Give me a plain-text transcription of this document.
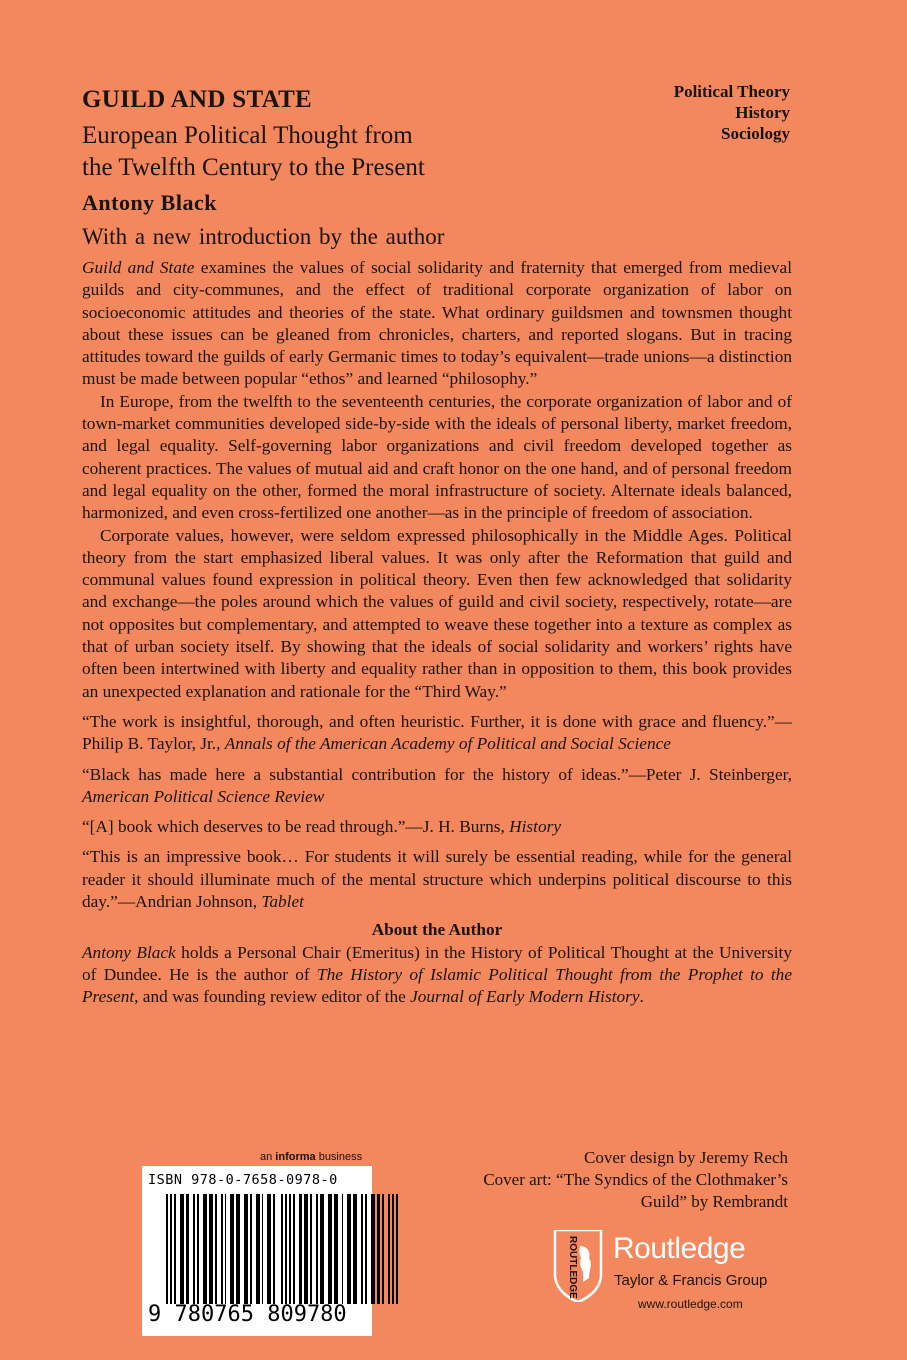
GUILD AND STATE
European Political Thought from
the Twelfth Century to the Present
Antony Black
With a new introduction by the author
Political Theory
History
Sociology

Guild and State examines the values of social solidarity and fraternity that emerged from medieval guilds and city-communes, and the effect of traditional corporate organization of labor on socioeconomic attitudes and theories of the state. What ordinary guildsmen and townsmen thought about these issues can be gleaned from chronicles, charters, and reported slogans. But in tracing attitudes toward the guilds of early Germanic times to today’s equivalent—trade unions—a distinction must be made between popular “ethos” and learned “philosophy.”

In Europe, from the twelfth to the seventeenth centuries, the corporate organization of labor and of town-market communities developed side-by-side with the ideals of personal liberty, market freedom, and legal equality. Self-governing labor organizations and civil freedom developed together as coherent practices. The values of mutual aid and craft honor on the one hand, and of personal freedom and legal equality on the other, formed the moral infrastructure of society. Alternate ideals balanced, harmonized, and even cross-fertilized one another—as in the principle of freedom of association.

Corporate values, however, were seldom expressed philosophically in the Middle Ages. Political theory from the start emphasized liberal values. It was only after the Reformation that guild and communal values found expression in political theory. Even then few acknowledged that solidarity and exchange—the poles around which the values of guild and civil society, respectively, rotate—are not opposites but complementary, and attempted to weave these together into a texture as complex as that of urban society itself. By showing that the ideals of social solidarity and workers’ rights have often been intertwined with liberty and equality rather than in opposition to them, this book provides an unexpected explanation and rationale for the “Third Way.”

“The work is insightful, thorough, and often heuristic. Further, it is done with grace and fluency.”—Philip B. Taylor, Jr., Annals of the American Academy of Political and Social Science

“Black has made here a substantial contribution for the history of ideas.”—Peter J. Steinberger, American Political Science Review

“[A] book which deserves to be read through.”—J. H. Burns, History

“This is an impressive book… For students it will surely be essential reading, while for the general reader it should illuminate much of the mental structure which underpins political discourse to this day.”—Andrian Johnson, Tablet

About the Author

Antony Black holds a Personal Chair (Emeritus) in the History of Political Thought at the University of Dundee. He is the author of The History of Islamic Political Thought from the Prophet to the Present, and was founding review editor of the Journal of Early Modern History.

an informa business
ISBN 978-0-7658-0978-0
9 780765 809780
Cover design by Jeremy Rech
Cover art: “The Syndics of the Clothmaker’s
Guild” by Rembrandt
ROUTLEDGE Routledge
Taylor & Francis Group
www.routledge.com
